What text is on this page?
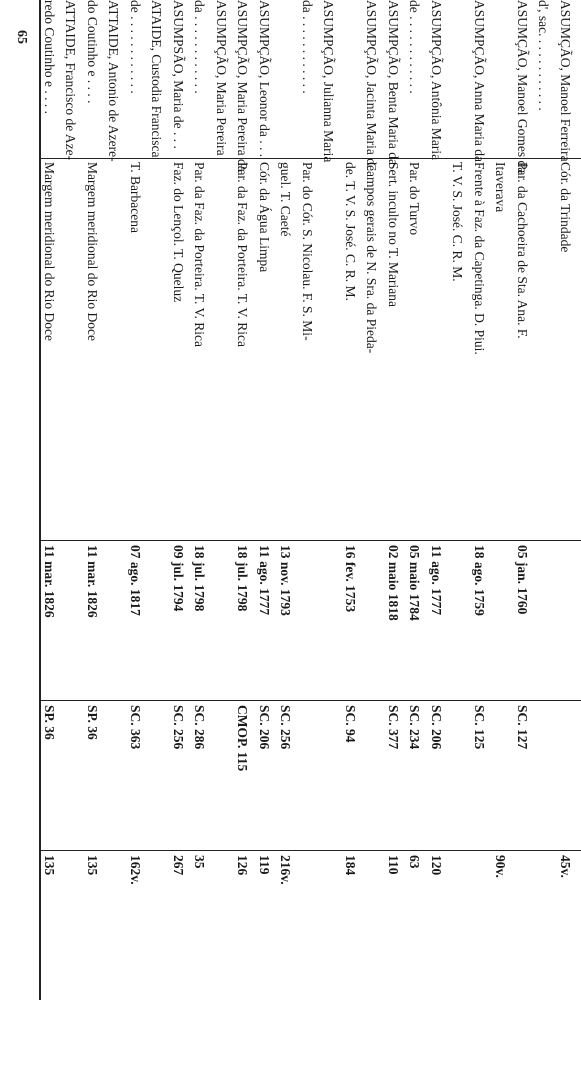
ASUMÇÃO, Manoel Ferreira
Cór. da Trindade
45v.
d', sac. . . . . . . . . . . .
ASUMÇÃO, Manoel Gomes da
Par. da Cachoeira de Sta. Ana. F.
05 jan. 1760
SC. 127
Itaverava
90v.
ASUMPÇÃO, Anna Maria da
Frente à Faz. da Capetinga. D. Piui.
18 ago. 1759
SC. 125
T. V. S. José. C. R. M.
ASUMPÇÃO, Antônia Maria
11 ago. 1777
SC. 206
120
de . . . . . . . . . . . .
Par. do Turvo
05 maio 1784
SC. 234
63
ASUMPÇÃO, Benta Maria da
Sert. inculto no T. Mariana
02 maio 1818
SC. 377
110
ASUMPÇÃO, Jacinta Maria de
Campos gerais de N. Sra. da Pieda-
de. T. V. S. José. C. R. M.
16 fev. 1753
SC. 94
184
ASUMPÇÃO, Julianna Maria
da . . . . . . . . . . . .
Par. do Cór. S. Nicolau. F. S. Mi-
guel. T. Caeté
13 nov. 1793
SC. 256
216v.
ASUMPÇÃO, Leonor da . . .
Cór. da Água Limpa
11 ago. 1777
SC. 206
119
ASUMPÇÃO, Maria Pereira da
Par. da Faz. da Porteira. T. V. Rica
18 jul. 1798
CMOP. 115
126
ASUMPÇÃO, Maria Pereira
da . . . . . . . . . . . .
Par. da Faz. da Porteira. T. V. Rica
18 jul. 1798
SC. 286
35
ASUMPSÃO, Maria de . . .
Faz. do Lençol. T. Queluz
09 jul. 1794
SC. 256
267
ATAIDE, Custodia Francisca
de . . . . . . . . . . . .
T. Barbacena
07 ago. 1817
SC. 363
162v.
ATTAIDE, Antonio de Azere-
do Coutinho e . . . .
Margem meridional do Rio Doce
11 mar. 1826
SP. 36
135
ATTAIDE, Francisco de Aze-
redo Coutinho e . . . .
Margem meridional do Rio Doce
11 mar. 1826
SP. 36
135
65
